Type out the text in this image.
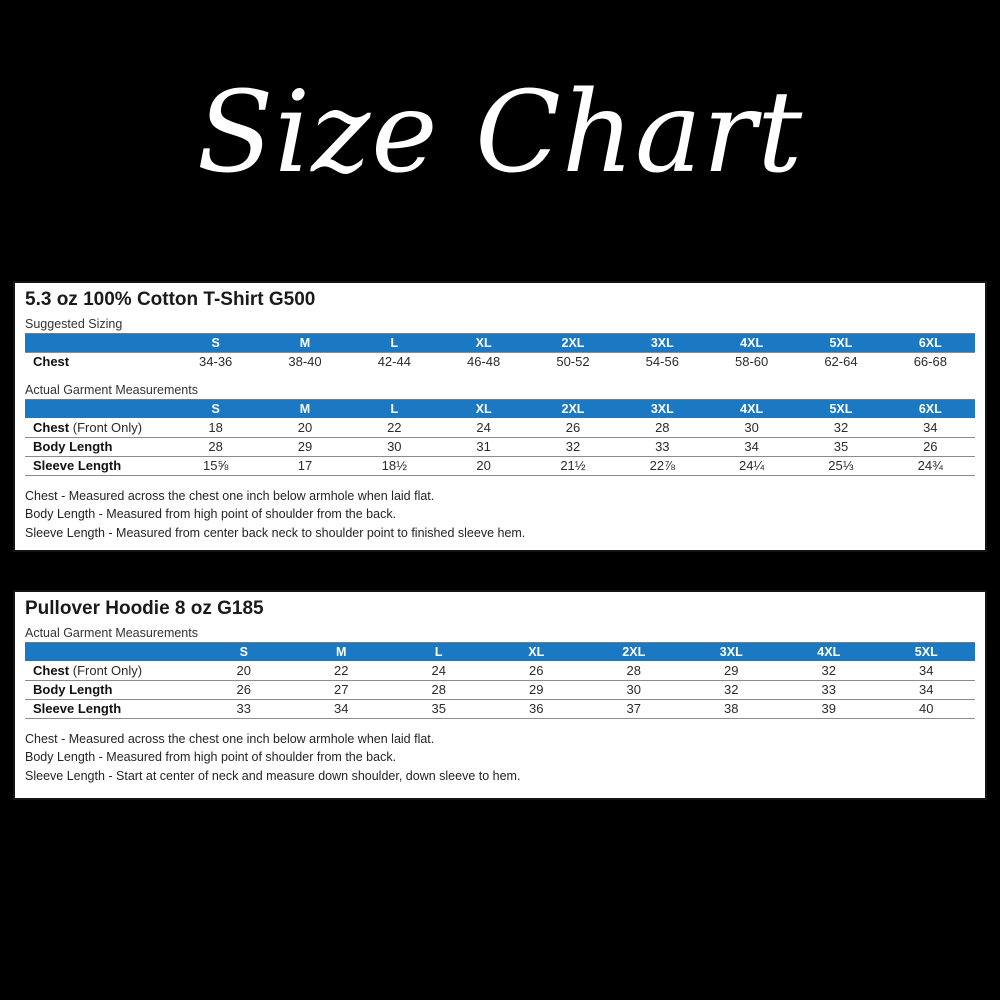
Size Chart
5.3 oz 100% Cotton T-Shirt G500
Suggested Sizing
	S	M	L	XL	2XL	3XL	4XL	5XL	6XL
Chest	34-36	38-40	42-44	46-48	50-52	54-56	58-60	62-64	66-68
Actual Garment Measurements
	S	M	L	XL	2XL	3XL	4XL	5XL	6XL
Chest (Front Only)	18	20	22	24	26	28	30	32	34
Body Length	28	29	30	31	32	33	34	35	26
Sleeve Length	15⅝	17	18½	20	21½	22⅞	24¼	25⅓	24¾
Chest - Measured across the chest one inch below armhole when laid flat.
Body Length - Measured from high point of shoulder from the back.
Sleeve Length - Measured from center back neck to shoulder point to finished sleeve hem.
Pullover Hoodie 8 oz G185
Actual Garment Measurements
	S	M	L	XL	2XL	3XL	4XL	5XL
Chest (Front Only)	20	22	24	26	28	29	32	34
Body Length	26	27	28	29	30	32	33	34
Sleeve Length	33	34	35	36	37	38	39	40
Chest - Measured across the chest one inch below armhole when laid flat.
Body Length - Measured from high point of shoulder from the back.
Sleeve Length - Start at center of neck and measure down shoulder, down sleeve to hem.
